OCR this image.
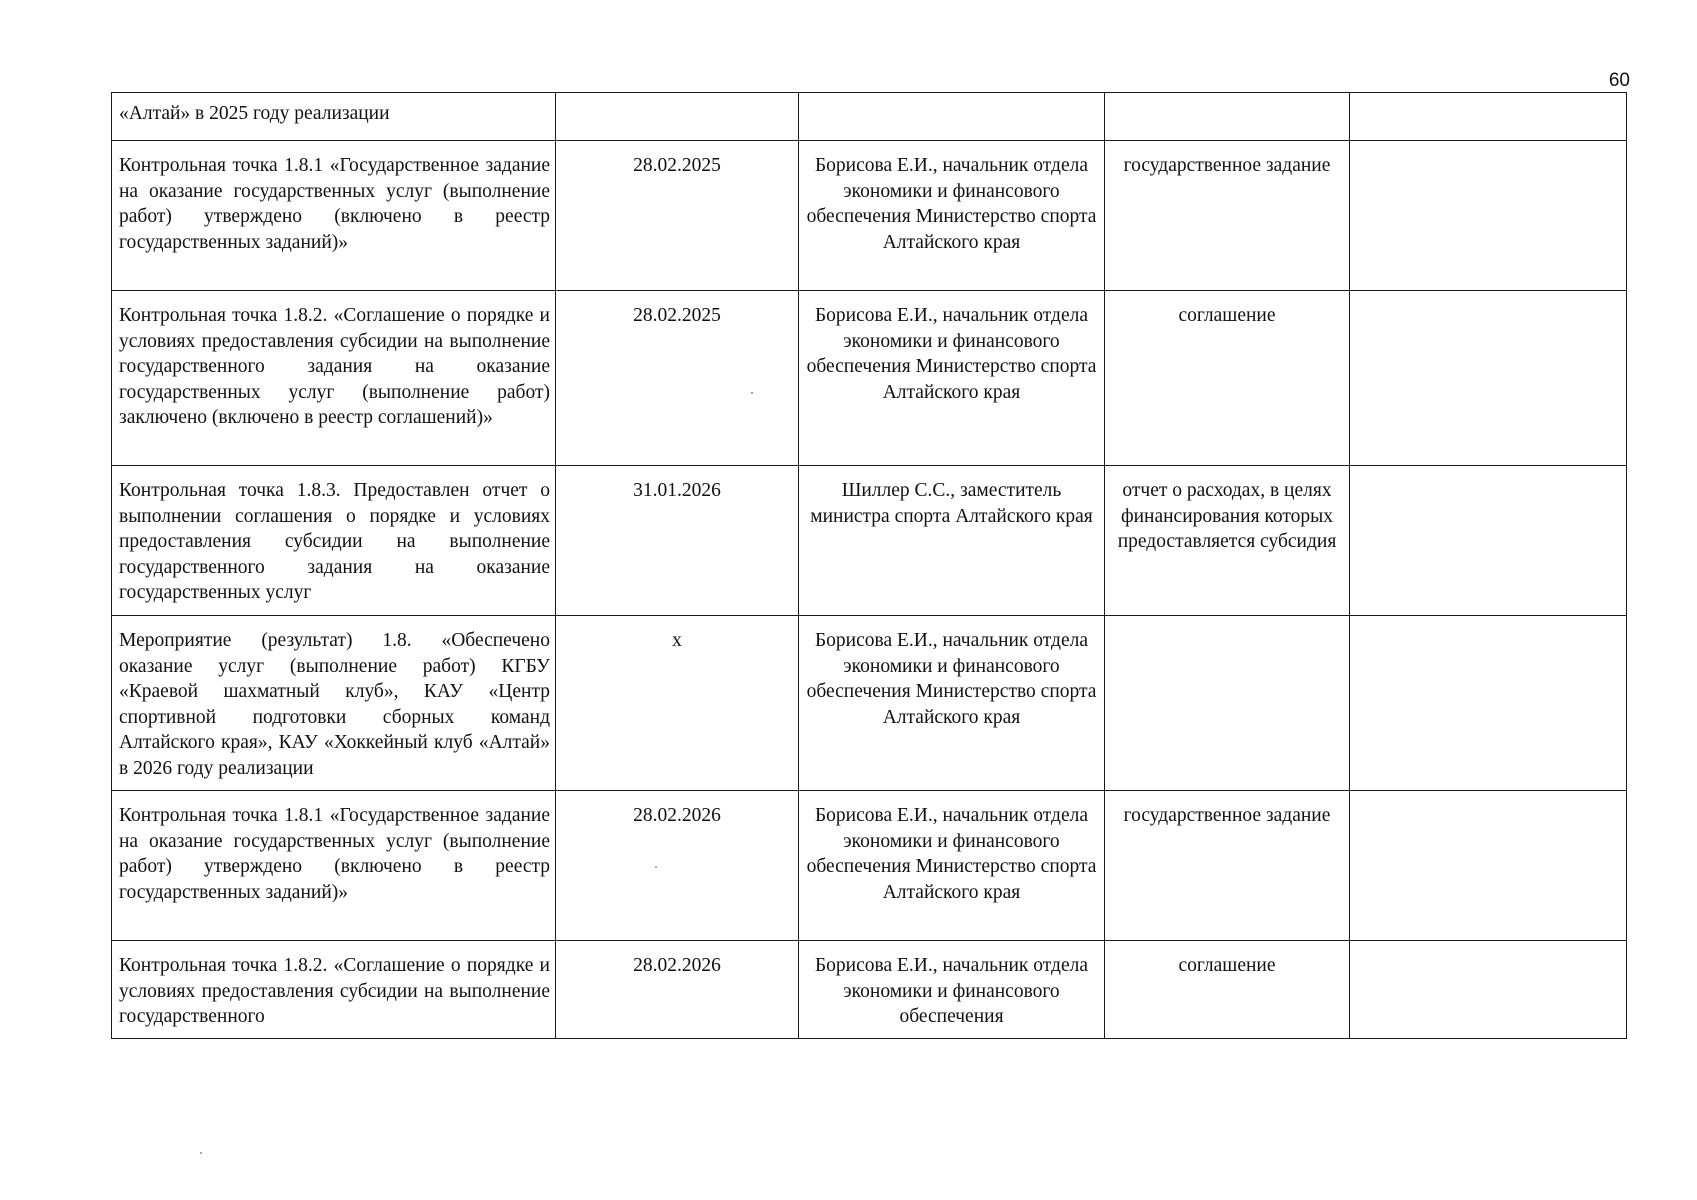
60
«Алтай» в 2025 году реализации				
Контрольная точка 1.8.1 «Государственное задание на оказание государственных услуг (выполнение работ) утверждено (включено в реестр государственных заданий)»	28.02.2025	Борисова Е.И., начальник отдела экономики и финансового обеспечения Министерство спорта Алтайского края	государственное задание	
Контрольная точка 1.8.2. «Соглашение о порядке и условиях предоставления субсидии на выполнение государственного задания на оказание государственных услуг (выполнение работ) заключено (включено в реестр соглашений)»	28.02.2025	Борисова Е.И., начальник отдела экономики и финансового обеспечения Министерство спорта Алтайского края	соглашение	
Контрольная точка 1.8.3. Предоставлен отчет о выполнении соглашения о порядке и условиях предоставления субсидии на выполнение государственного задания на оказание государственных услуг	31.01.2026	Шиллер С.С., заместитель министра спорта Алтайского края	отчет о расходах, в целях финансирования которых предоставляется субсидия	
Мероприятие (результат) 1.8. «Обеспечено оказание услуг (выполнение работ) КГБУ «Краевой шахматный клуб», КАУ «Центр спортивной подготовки сборных команд Алтайского края», КАУ «Хоккейный клуб «Алтай» в 2026 году реализации	х	Борисова Е.И., начальник отдела экономики и финансового обеспечения Министерство спорта Алтайского края		
Контрольная точка 1.8.1 «Государственное задание на оказание государственных услуг (выполнение работ) утверждено (включено в реестр государственных заданий)»	28.02.2026	Борисова Е.И., начальник отдела экономики и финансового обеспечения Министерство спорта Алтайского края	государственное задание	
Контрольная точка 1.8.2. «Соглашение о порядке и условиях предоставления субсидии на выполнение государственного	28.02.2026	Борисова Е.И., начальник отдела экономики и финансового обеспечения	соглашение	
